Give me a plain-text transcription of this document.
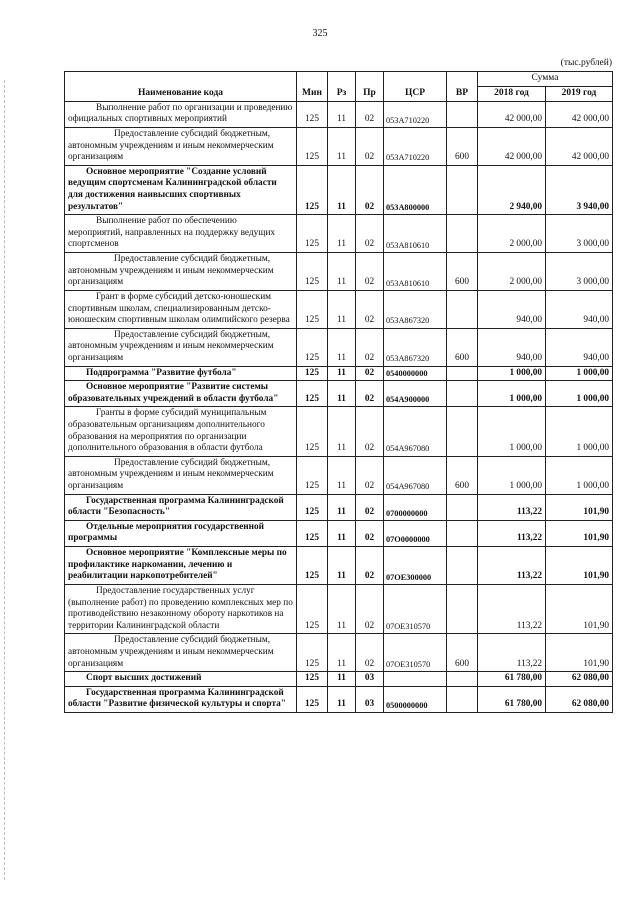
325
(тыс.рублей)
Наименование кода	Мин	Рз	Пр	ЦСР	ВР	Сумма	
						2018 год	2019 год
Выполнение работ по организации и проведению официальных спортивных мероприятий	125	11	02	053А710220		42 000,00	42 000,00
Предоставление субсидий бюджетным, автономным учреждениям и иным некоммерческим организациям	125	11	02	053А710220	600	42 000,00	42 000,00
Основное мероприятие "Создание условий ведущим спортсменам Калининградской области для достижения наивысших спортивных результатов"	125	11	02	053А800000		2 940,00	3 940,00
Выполнение работ по обеспечению мероприятий, направленных на поддержку ведущих спортсменов	125	11	02	053А810610		2 000,00	3 000,00
Предоставление субсидий бюджетным, автономным учреждениям и иным некоммерческим организациям	125	11	02	053А810610	600	2 000,00	3 000,00
Грант в форме субсидий детско-юношеским спортивным школам, специализированным детско-юношеским спортивным школам олимпийского резерва	125	11	02	053А867320		940,00	940,00
Предоставление субсидий бюджетным, автономным учреждениям и иным некоммерческим организациям	125	11	02	053А867320	600	940,00	940,00
Подпрограмма "Развитие футбола"	125	11	02	0540000000		1 000,00	1 000,00
Основное мероприятие "Развитие системы образовательных учреждений в области футбола"	125	11	02	054А900000		1 000,00	1 000,00
Гранты в форме субсидий муниципальным образовательным организациям дополнительного образования на мероприятия по организации дополнительного образования в области футбола	125	11	02	054А967080		1 000,00	1 000,00
Предоставление субсидий бюджетным, автономным учреждениям и иным некоммерческим организациям	125	11	02	054А967080	600	1 000,00	1 000,00
Государственная программа Калининградской области "Безопасность"	125	11	02	0700000000		113,22	101,90
Отдельные мероприятия государственной программы	125	11	02	07О0000000		113,22	101,90
Основное мероприятие "Комплексные меры по профилактике наркомании, лечению и реабилитации наркопотребителей"	125	11	02	07ОЕ300000		113,22	101,90
Предоставление государственных услуг (выполнение работ) по проведению комплексных мер по противодействию незаконному обороту наркотиков на территории Калининградской области	125	11	02	07ОЕ310570		113,22	101,90
Предоставление субсидий бюджетным, автономным учреждениям и иным некоммерческим организациям	125	11	02	07ОЕ310570	600	113,22	101,90
Спорт высших достижений	125	11	03			61 780,00	62 080,00
Государственная программа Калининградской области "Развитие физической культуры и спорта"	125	11	03	0500000000		61 780,00	62 080,00
